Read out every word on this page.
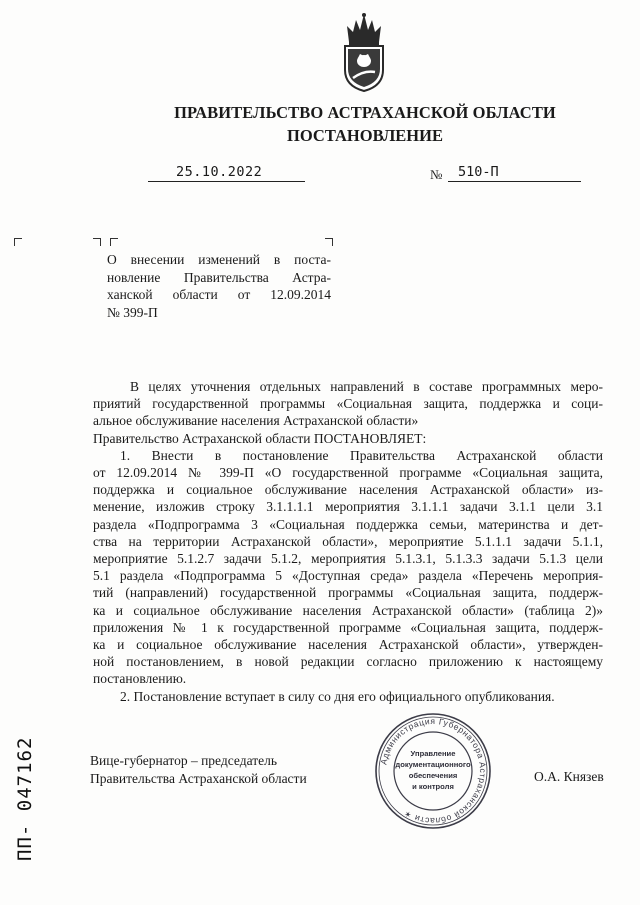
ПРАВИТЕЛЬСТВО АСТРАХАНСКОЙ ОБЛАСТИ
ПОСТАНОВЛЕНИЕ
25.10.2022	№ 510-П
О внесении изменений в поста-
новление Правительства Астра-
ханской области от 12.09.2014
№ 399-П
В целях уточнения отдельных направлений в составе программных меро-
приятий государственной программы «Социальная защита, поддержка и соци-
альное обслуживание населения Астраханской области»
Правительство Астраханской области ПОСТАНОВЛЯЕТ:
1. Внести в постановление Правительства Астраханской области
от 12.09.2014 № 399-П «О государственной программе «Социальная защита,
поддержка и социальное обслуживание населения Астраханской области» из-
менение, изложив строку 3.1.1.1.1 мероприятия 3.1.1.1 задачи 3.1.1 цели 3.1
раздела «Подпрограмма 3 «Социальная поддержка семьи, материнства и дет-
ства на территории Астраханской области», мероприятие 5.1.1.1 задачи 5.1.1,
мероприятие 5.1.2.7 задачи 5.1.2, мероприятия 5.1.3.1, 5.1.3.3 задачи 5.1.3 цели
5.1 раздела «Подпрограмма 5 «Доступная среда» раздела «Перечень мероприя-
тий (направлений) государственной программы «Социальная защита, поддерж-
ка и социальное обслуживание населения Астраханской области» (таблица 2)»
приложения № 1 к государственной программе «Социальная защита, поддерж-
ка и социальное обслуживание населения Астраханской области», утвержден-
ной постановлением, в новой редакции согласно приложению к настоящему
постановлению.
2. Постановление вступает в силу со дня его официального опубликования.
Вице-губернатор – председатель
Правительства Астраханской области
Администрация Губернатора Астраханской области ✶
Управление
документационного
обеспечения
и контроля
О.А. Князев
ПП- 047162
